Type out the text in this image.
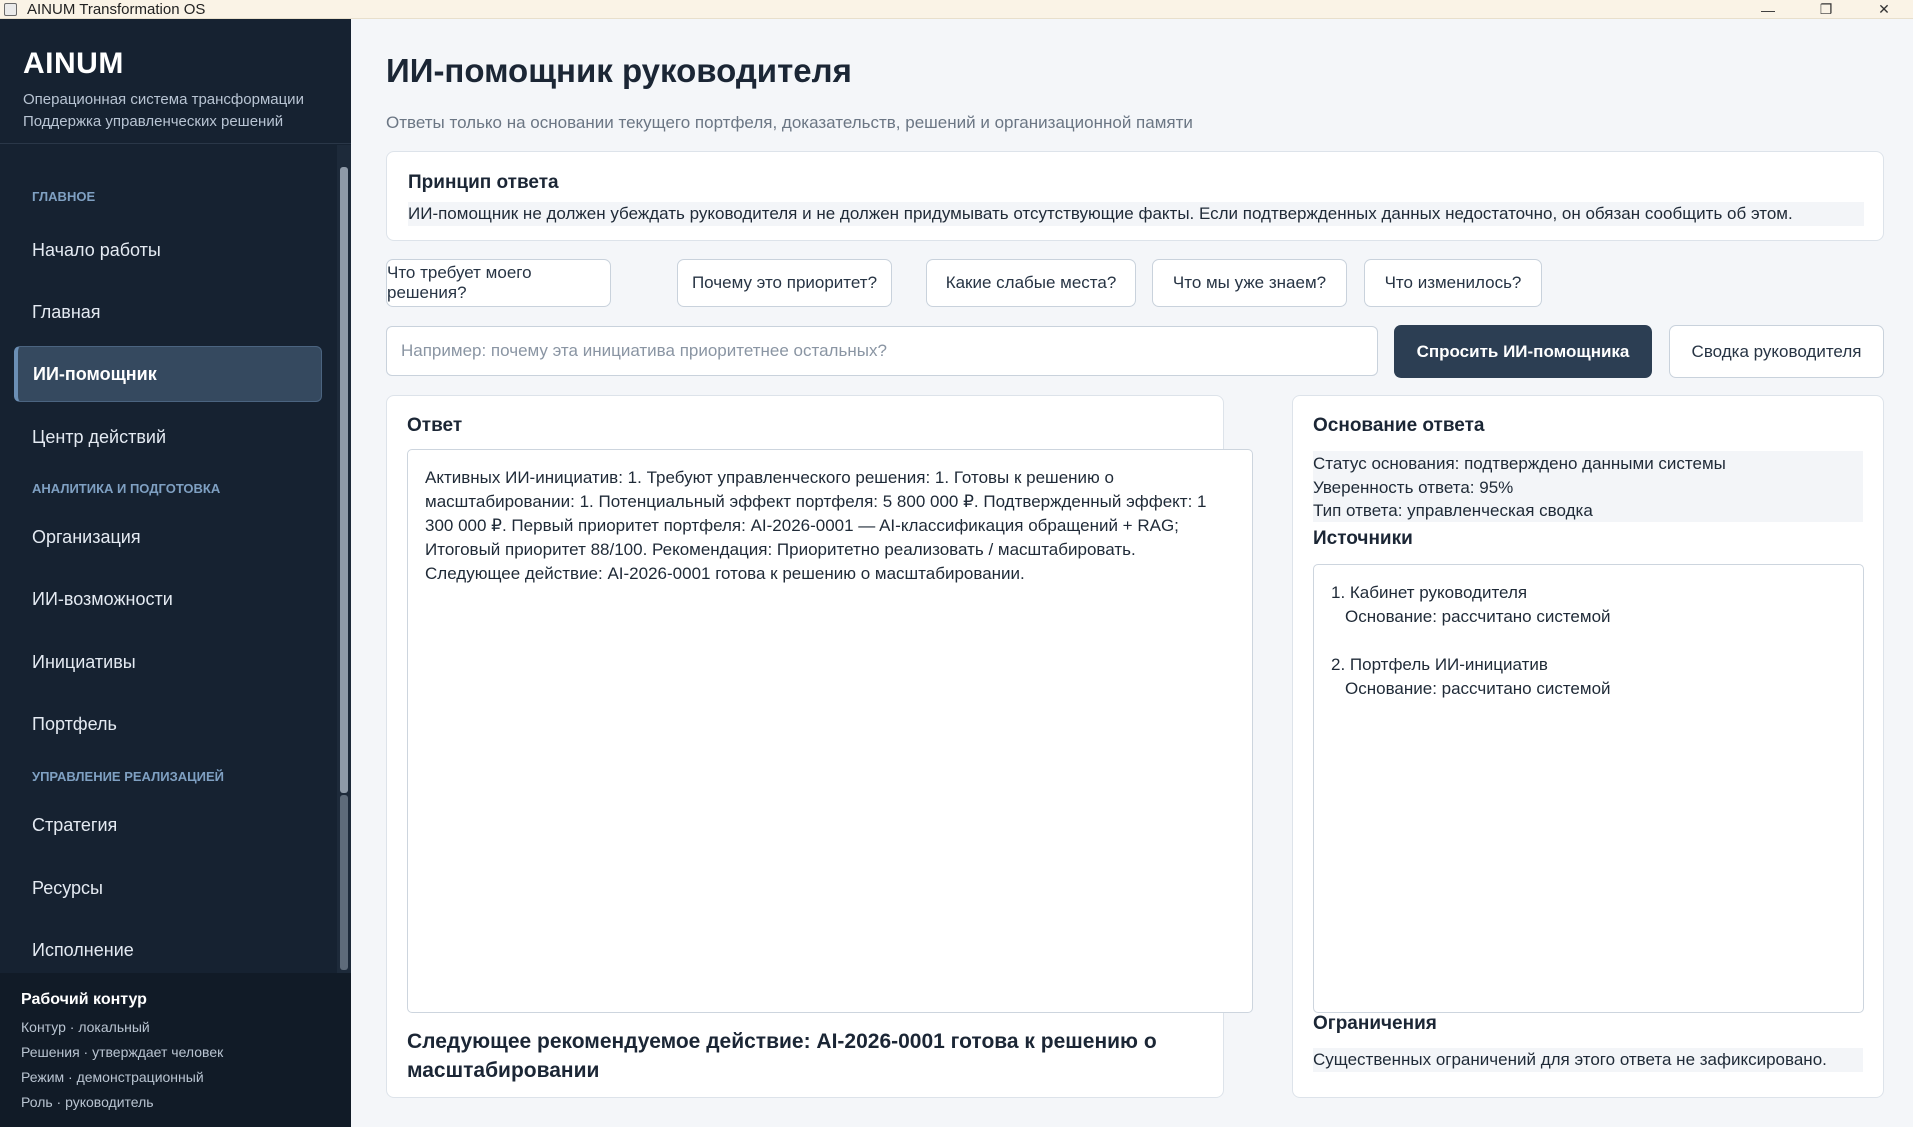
AINUM Transformation OS	—	❐	✕
AINUM
Операционная система трансформации
Поддержка управленческих решений
ГЛАВНОЕ
Начало работы
Главная
ИИ-помощник
Центр действий
АНАЛИТИКА И ПОДГОТОВКА
Организация
ИИ-возможности
Инициативы
Портфель
УПРАВЛЕНИЕ РЕАЛИЗАЦИЕЙ
Стратегия
Ресурсы
Исполнение
Рабочий контур
Контур · локальный
Решения · утверждает человек
Режим · демонстрационный
Роль · руководитель
ИИ-помощник руководителя
Ответы только на основании текущего портфеля, доказательств, решений и организационной памяти
Принцип ответа
ИИ-помощник не должен убеждать руководителя и не должен придумывать отсутствующие факты. Если подтвержденных данных недостаточно, он обязан сообщить об этом.
Что требует моего решения?
Почему это приоритет?	Какие слабые места?	Что мы уже знаем?	Что изменилось?
Например: почему эта инициатива приоритетнее остальных?
Спросить ИИ-помощника	Сводка руководителя
Ответ
Активных ИИ-инициатив: 1. Требуют управленческого решения: 1. Готовы к решению о масштабировании: 1. Потенциальный эффект портфеля: 5 800 000 ₽. Подтвержденный эффект: 1 300 000 ₽. Первый приоритет портфеля: AI-2026-0001 — AI-классификация обращений + RAG; Итоговый приоритет 88/100. Рекомендация: Приоритетно реализовать / масштабировать. Следующее действие: AI-2026-0001 готова к решению о масштабировании.
Следующее рекомендуемое действие: AI-2026-0001 готова к решению о масштабировании
Основание ответа
Статус основания: подтверждено данными системы
Уверенность ответа: 95%
Тип ответа: управленческая сводка
Источники
1. Кабинет руководителя
Основание: рассчитано системой
2. Портфель ИИ-инициатив
Основание: рассчитано системой
Ограничения
Существенных ограничений для этого ответа не зафиксировано.
